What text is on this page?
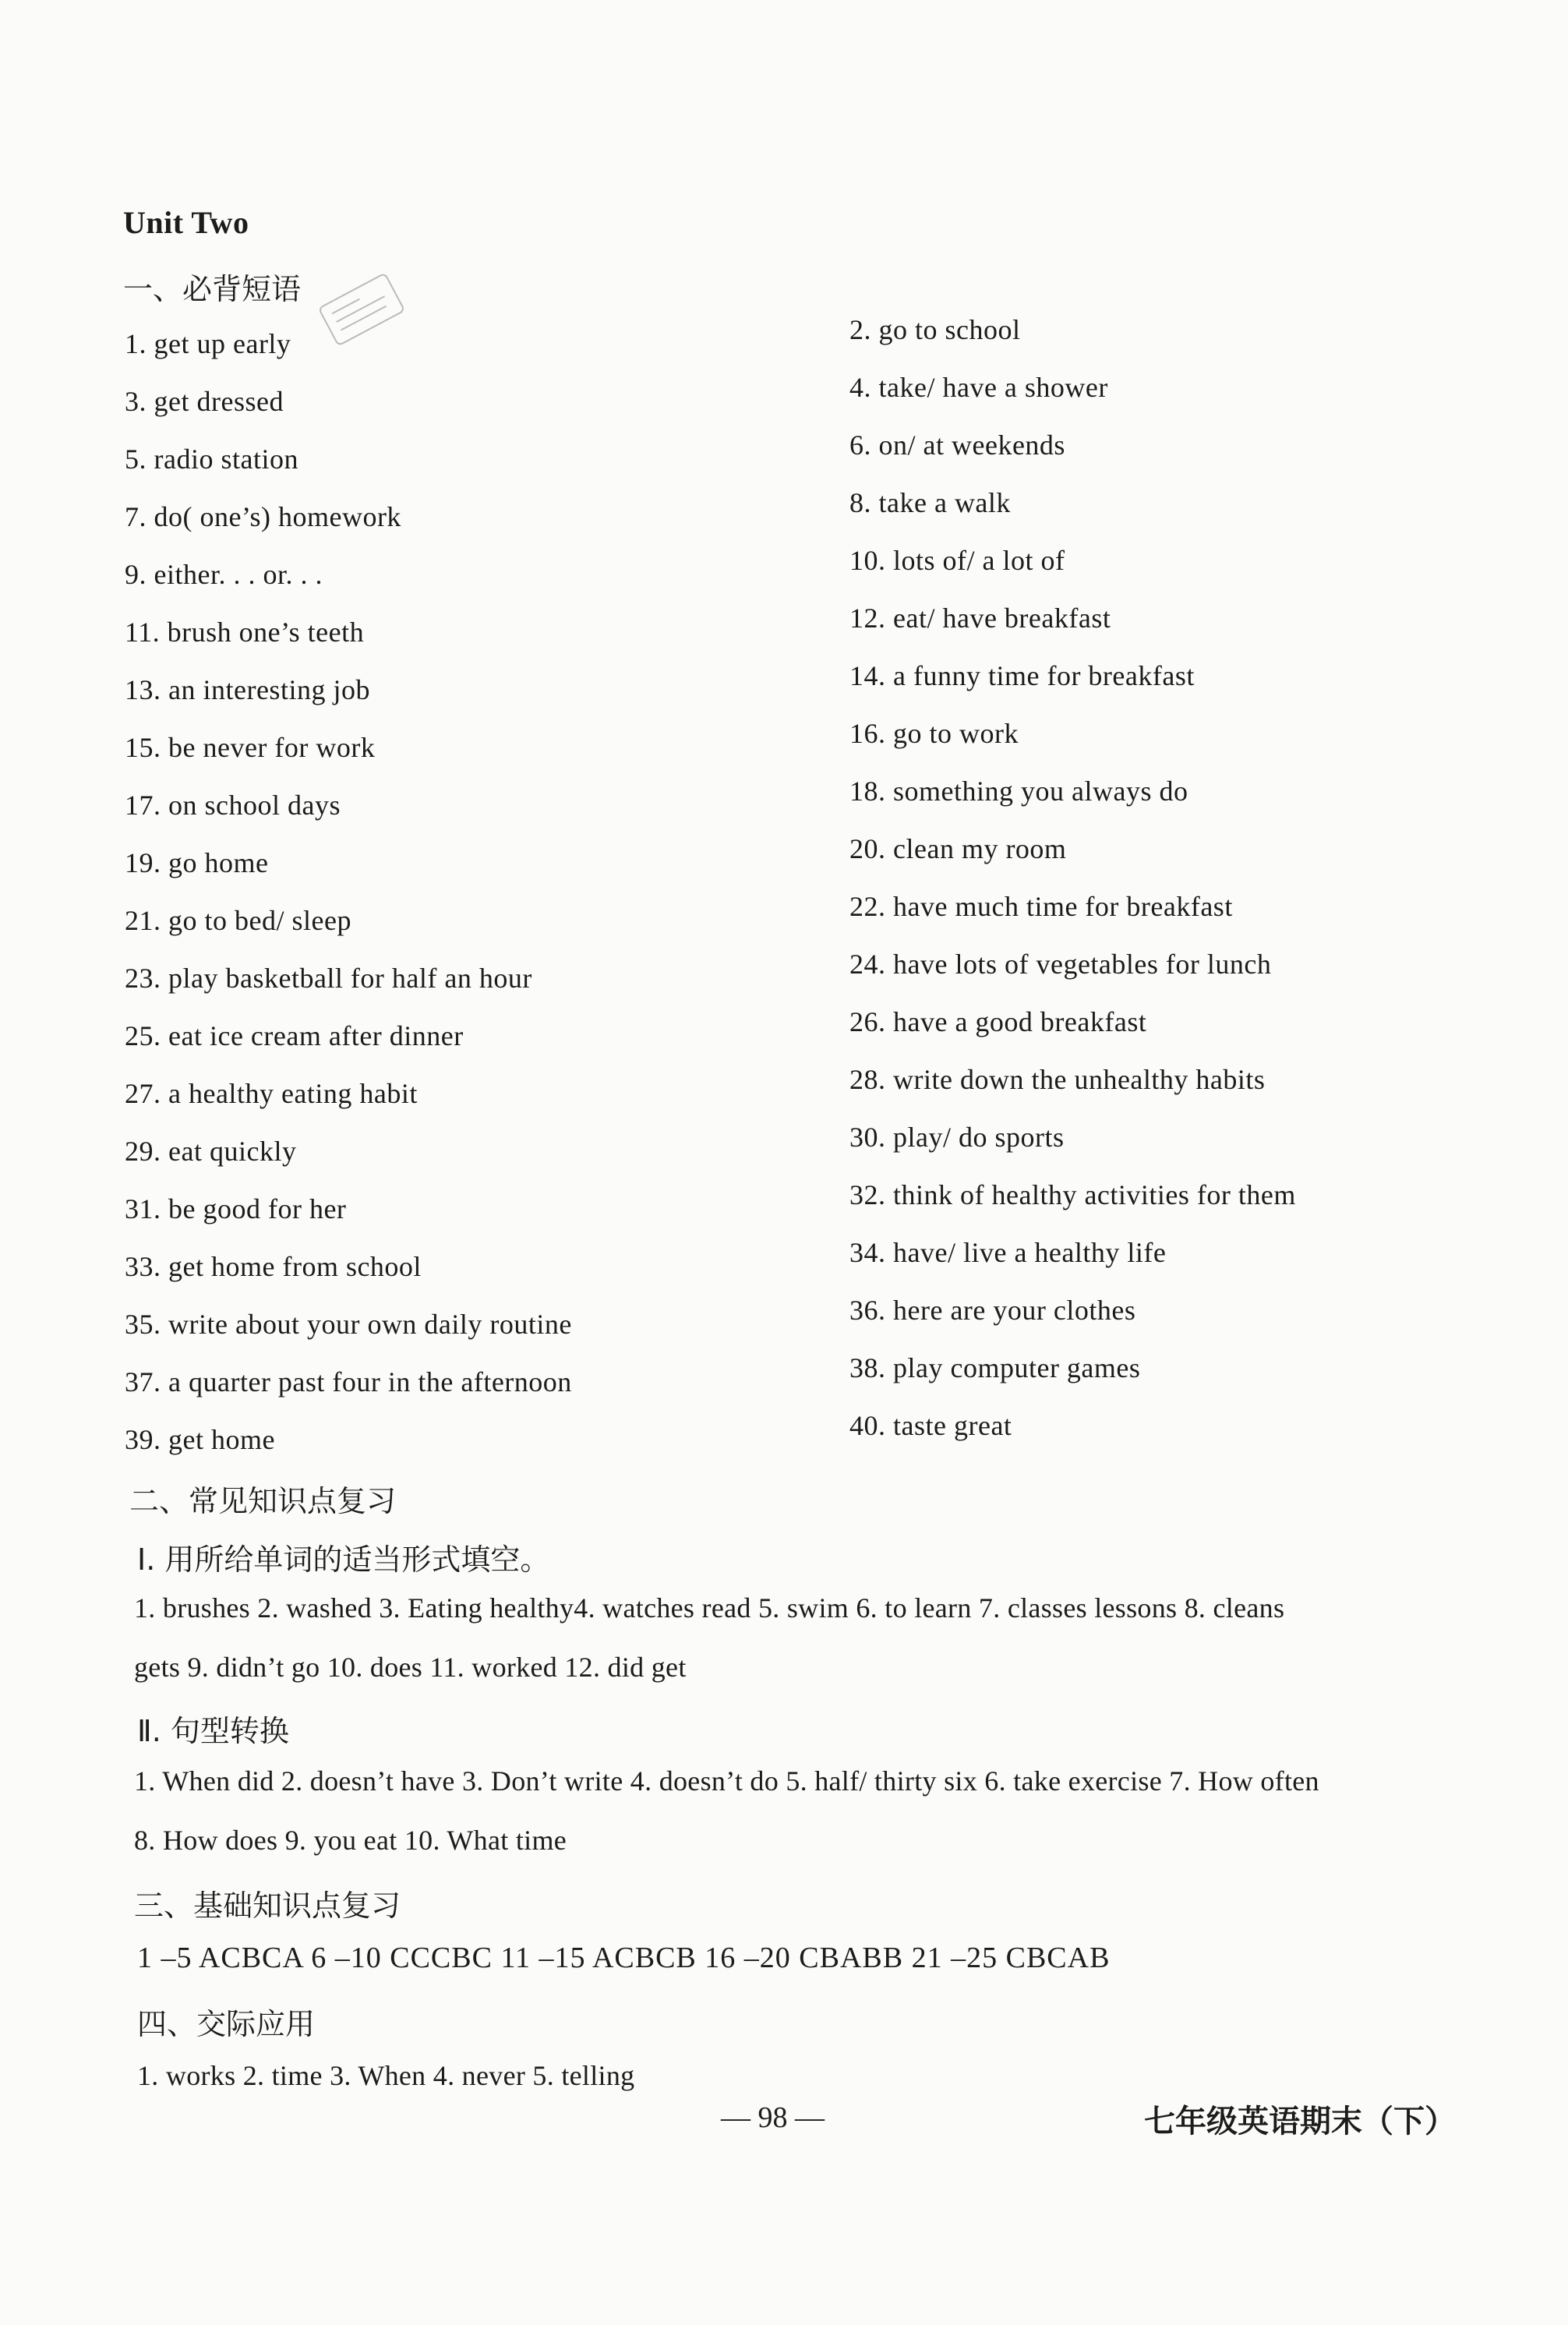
Unit Two
一、必背短语
1. get up early
3. get dressed
5. radio station
7. do( one’s) homework
9. either. . . or. . .
11. brush one’s teeth
13. an interesting job
15. be never for work
17. on school days
19. go home
21. go to bed/ sleep
23. play basketball for half an hour
25. eat ice cream after dinner
27. a healthy eating habit
29. eat quickly
31. be good for her
33. get home from school
35. write about your own daily routine
37. a quarter past four in the afternoon
39. get home
2. go to school
4. take/ have a shower
6. on/ at weekends
8. take a walk
10. lots of/ a lot of
12. eat/ have breakfast
14. a funny time for breakfast
16. go to work
18. something you always do
20. clean my room
22. have much time for breakfast
24. have lots of vegetables for lunch
26. have a good breakfast
28. write down the unhealthy habits
30. play/ do sports
32. think of healthy activities for them
34. have/ live a healthy life
36. here are your clothes
38. play computer games
40. taste great
二、常见知识点复习
Ⅰ. 用所给单词的适当形式填空。
1. brushes 2. washed 3. Eating healthy4. watches read 5. swim 6. to learn 7. classes lessons 8. cleans
gets 9. didn’t go 10. does 11. worked 12. did get
Ⅱ. 句型转换
1. When did 2. doesn’t have 3. Don’t write 4. doesn’t do 5. half/ thirty six 6. take exercise 7. How often
8. How does 9. you eat 10. What time
三、基础知识点复习
1 –5 ACBCA 6 –10 CCCBC 11 –15 ACBCB 16 –20 CBABB 21 –25 CBCAB
四、交际应用
1. works 2. time 3. When 4. never 5. telling
— 98 —	七年级英语期末（下）
